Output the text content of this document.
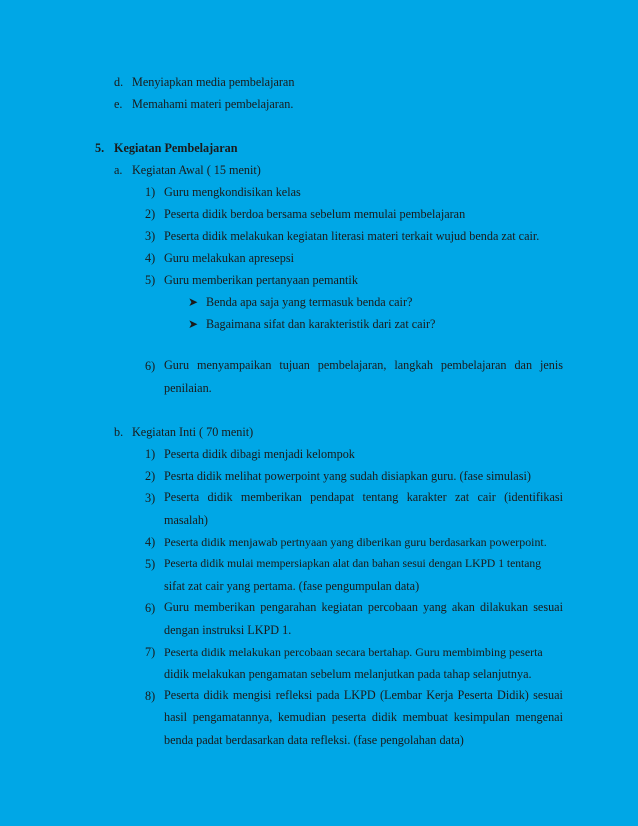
d. Menyiapkan media pembelajaran
e. Memahami materi pembelajaran.
5. Kegiatan Pembelajaran
a. Kegiatan Awal ( 15 menit)
1) Guru mengkondisikan kelas
2) Peserta didik berdoa bersama sebelum memulai pembelajaran
3) Peserta didik melakukan kegiatan literasi materi terkait wujud benda zat cair.
4) Guru melakukan apresepsi
5) Guru memberikan pertanyaan pemantik
➤ Benda apa saja yang termasuk benda cair?
➤ Bagaimana sifat dan karakteristik dari zat cair?
6) Guru menyampaikan tujuan pembelajaran, langkah pembelajaran dan jenis
penilaian.
b. Kegiatan Inti ( 70 menit)
1) Peserta didik dibagi menjadi kelompok
2) Pesrta didik melihat powerpoint yang sudah disiapkan guru. (fase simulasi)
3) Peserta didik memberikan pendapat tentang karakter zat cair (identifikasi
masalah)
4) Peserta didik menjawab pertnyaan yang diberikan guru berdasarkan powerpoint.
5) Peserta didik mulai mempersiapkan alat dan bahan sesui dengan LKPD 1 tentang
sifat zat cair yang pertama. (fase pengumpulan data)
6) Guru memberikan pengarahan kegiatan percobaan yang akan dilakukan sesuai
dengan instruksi LKPD 1.
7) Peserta didik melakukan percobaan secara bertahap. Guru membimbing peserta
didik melakukan pengamatan sebelum melanjutkan pada tahap selanjutnya.
8) Peserta didik mengisi refleksi pada LKPD (Lembar Kerja Peserta Didik) sesuai
hasil pengamatannya, kemudian peserta didik membuat kesimpulan mengenai
benda padat berdasarkan data refleksi. (fase pengolahan data)
